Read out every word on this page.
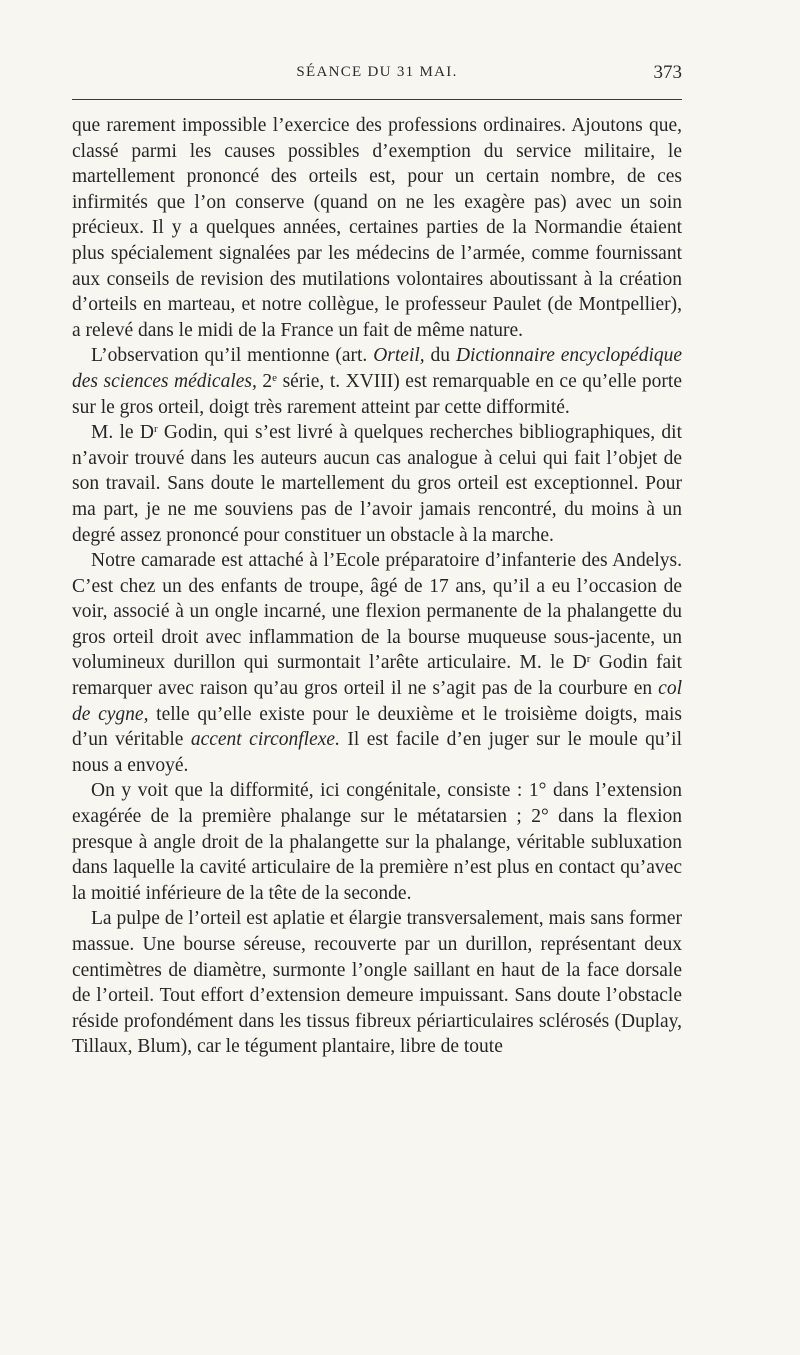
SÉANCE DU 31 MAI.	373

que rarement impossible l’exercice des professions ordinaires. Ajoutons que, classé parmi les causes possibles d’exemption du service militaire, le martellement prononcé des orteils est, pour un certain nombre, de ces infirmités que l’on conserve (quand on ne les exagère pas) avec un soin précieux. Il y a quelques années, certaines parties de la Normandie étaient plus spécialement signalées par les médecins de l’armée, comme fournissant aux conseils de revision des mutilations volontaires aboutissant à la création d’orteils en marteau, et notre collègue, le professeur Paulet (de Montpellier), a relevé dans le midi de la France un fait de même nature.

L’observation qu’il mentionne (art. Orteil, du Dictionnaire encyclopédique des sciences médicales, 2e série, t. XVIII) est remarquable en ce qu’elle porte sur le gros orteil, doigt très rarement atteint par cette difformité.

M. le $D^r$ Godin, qui s’est livré à quelques recherches bibliographiques, dit n’avoir trouvé dans les auteurs aucun cas analogue à celui qui fait l’objet de son travail. Sans doute le martellement du gros orteil est exceptionnel. Pour ma part, je ne me souviens pas de l’avoir jamais rencontré, du moins à un degré assez prononcé pour constituer un obstacle à la marche.

Notre camarade est attaché à l’Ecole préparatoire d’infanterie des Andelys. C’est chez un des enfants de troupe, âgé de 17 ans, qu’il a eu l’occasion de voir, associé à un ongle incarné, une flexion permanente de la phalangette du gros orteil droit avec inflammation de la bourse muqueuse sous-jacente, un volumineux durillon qui surmontait l’arête articulaire. M. le $D^r$ Godin fait remarquer avec raison qu’au gros orteil il ne s’agit pas de la courbure en col de cygne, telle qu’elle existe pour le deuxième et le troisième doigts, mais d’un véritable accent circonflexe. Il est facile d’en juger sur le moule qu’il nous a envoyé.

On y voit que la difformité, ici congénitale, consiste : 1° dans l’extension exagérée de la première phalange sur le métatarsien ; 2° dans la flexion presque à angle droit de la phalangette sur la phalange, véritable subluxation dans laquelle la cavité articulaire de la première n’est plus en contact qu’avec la moitié inférieure de la tête de la seconde.

La pulpe de l’orteil est aplatie et élargie transversalement, mais sans former massue. Une bourse séreuse, recouverte par un durillon, représentant deux centimètres de diamètre, surmonte l’ongle saillant en haut de la face dorsale de l’orteil. Tout effort d’extension demeure impuissant. Sans doute l’obstacle réside profondément dans les tissus fibreux périarticulaires sclérosés (Duplay, Tillaux, Blum), car le tégument plantaire, libre de toute
